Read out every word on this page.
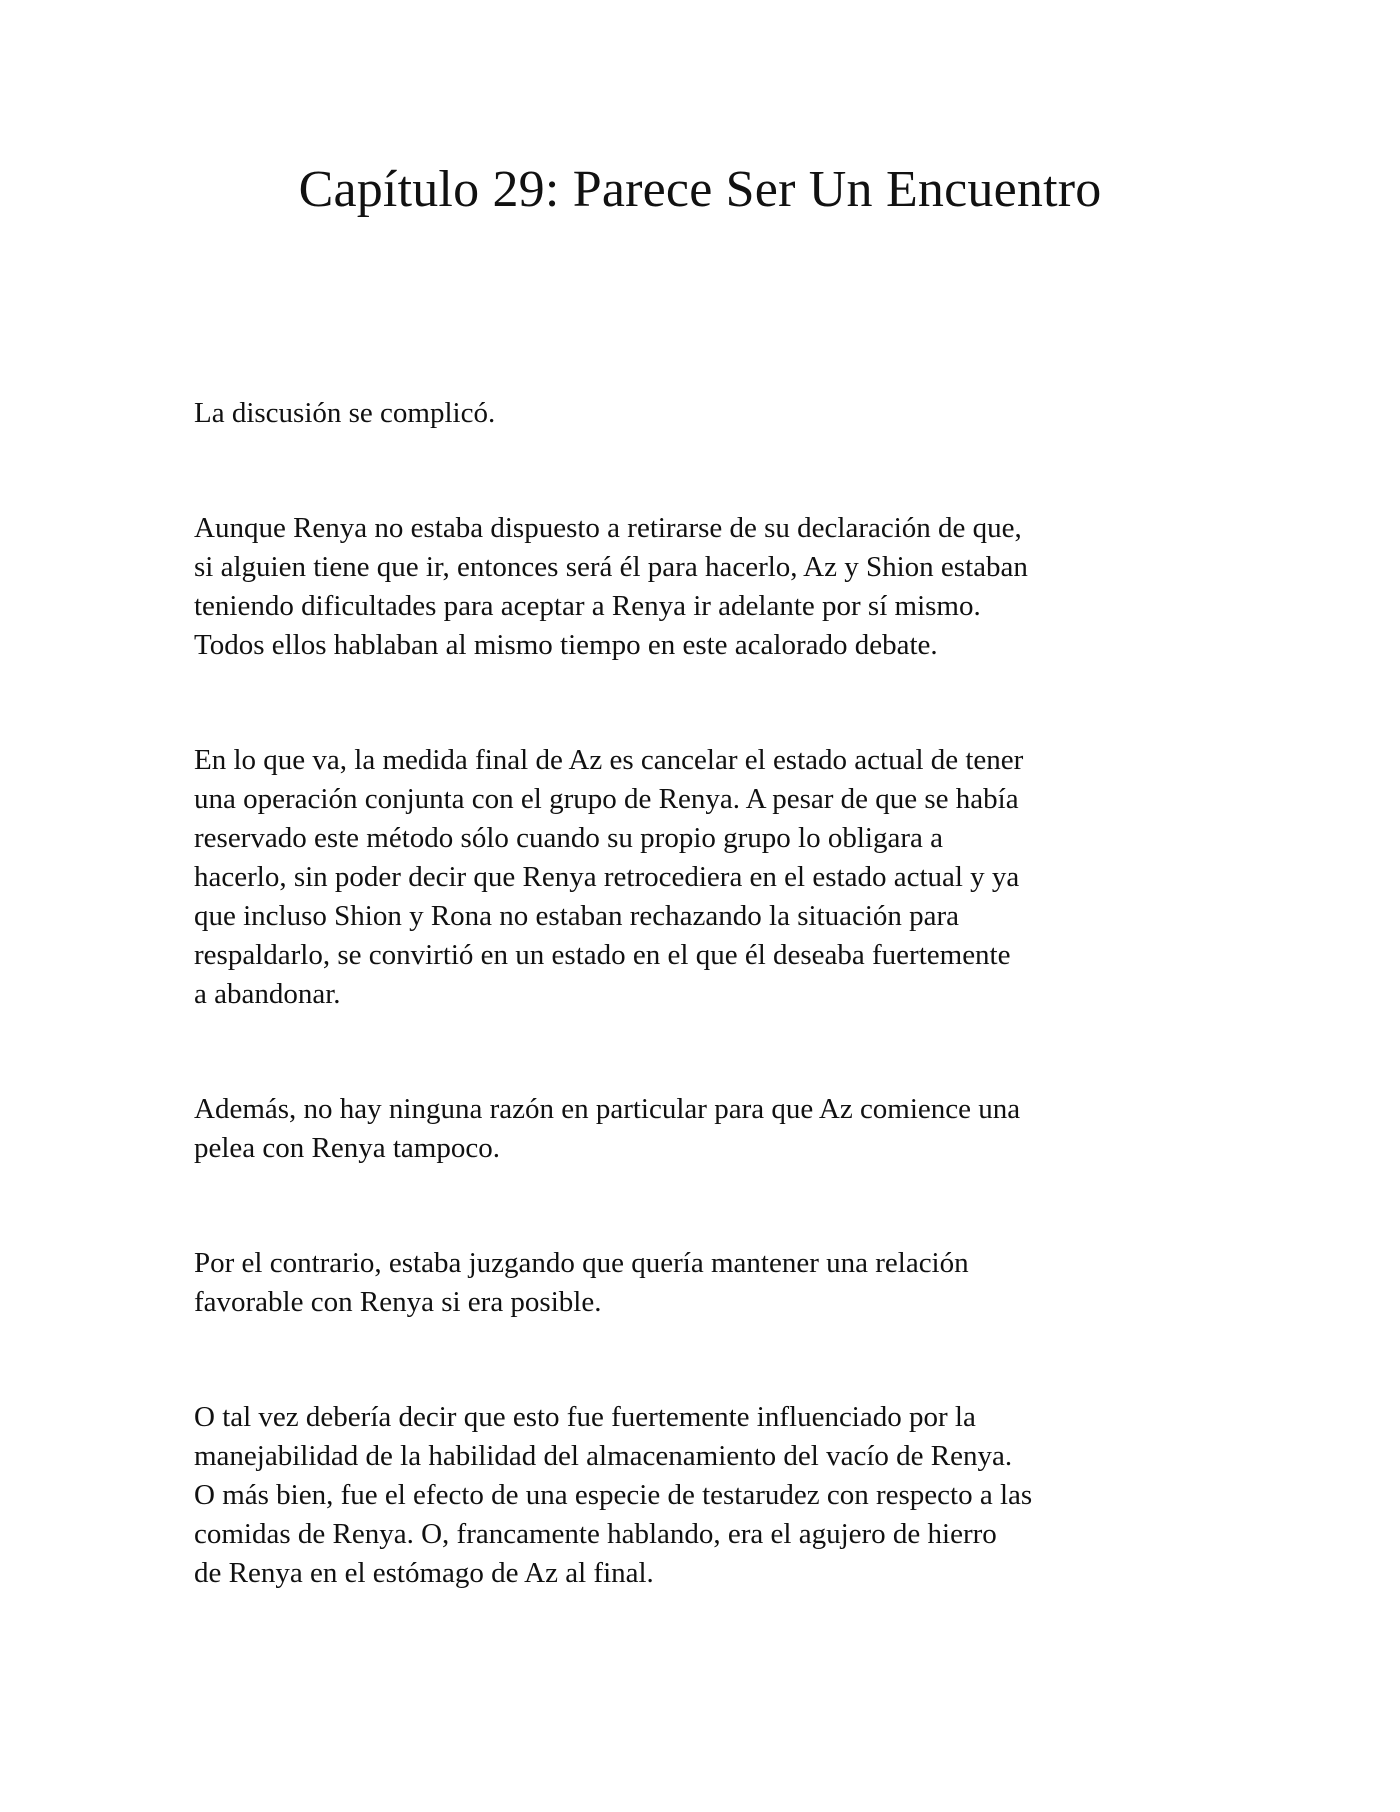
Capítulo 29: Parece Ser Un Encuentro

La discusión se complicó.

Aunque Renya no estaba dispuesto a retirarse de su declaración de que,
si alguien tiene que ir, entonces será él para hacerlo, Az y Shion estaban
teniendo dificultades para aceptar a Renya ir adelante por sí mismo.
Todos ellos hablaban al mismo tiempo en este acalorado debate.

En lo que va, la medida final de Az es cancelar el estado actual de tener
una operación conjunta con el grupo de Renya. A pesar de que se había
reservado este método sólo cuando su propio grupo lo obligara a
hacerlo, sin poder decir que Renya retrocediera en el estado actual y ya
que incluso Shion y Rona no estaban rechazando la situación para
respaldarlo, se convirtió en un estado en el que él deseaba fuertemente
a abandonar.

Además, no hay ninguna razón en particular para que Az comience una
pelea con Renya tampoco.

Por el contrario, estaba juzgando que quería mantener una relación
favorable con Renya si era posible.

O tal vez debería decir que esto fue fuertemente influenciado por la
manejabilidad de la habilidad del almacenamiento del vacío de Renya.
O más bien, fue el efecto de una especie de testarudez con respecto a las
comidas de Renya. O, francamente hablando, era el agujero de hierro
de Renya en el estómago de Az al final.
